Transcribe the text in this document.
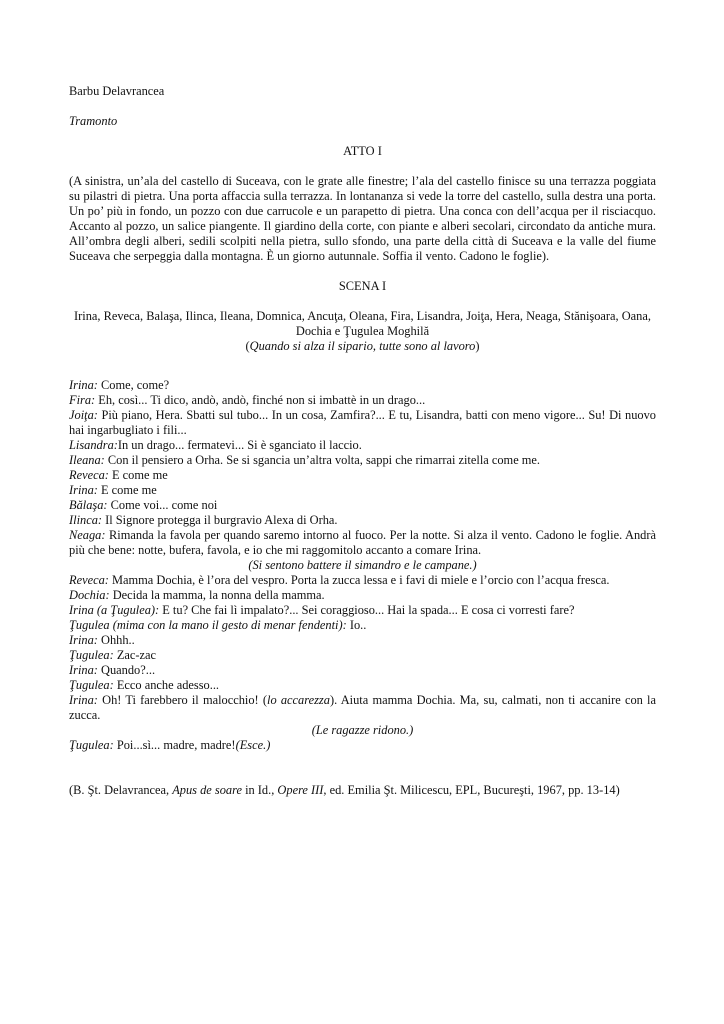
Barbu Delavrancea

Tramonto

ATTO I

(A sinistra, un’ala del castello di Suceava, con le grate alle finestre; l’ala del castello finisce su una terrazza poggiata su pilastri di pietra. Una porta affaccia sulla terrazza. In lontananza si vede la torre del castello, sulla destra una porta. Un po’ più in fondo, un pozzo con due carrucole e un parapetto di pietra. Una conca con dell’acqua per il risciacquo. Accanto al pozzo, un salice piangente. Il giardino della corte, con piante e alberi secolari, circondato da antiche mura. All’ombra degli alberi, sedili scolpiti nella pietra, sullo sfondo, una parte della città di Suceava e la valle del fiume Suceava che serpeggia dalla montagna. È un giorno autunnale. Soffia il vento. Cadono le foglie).

SCENA I

Irina, Reveca, Balaşa, Ilinca, Ileana, Domnica, Ancuţa, Oleana, Fira, Lisandra, Joiţa, Hera, Neaga, Stănişoara, Oana, Dochia e Ţugulea Moghilă

(Quando si alza il sipario, tutte sono al lavoro)

Irina: Come, come?

Fira: Eh, così... Ti dico, andò, andò, finché non si imbattè in un drago...

Joiţa: Più piano, Hera. Sbatti sul tubo... In un cosa, Zamfira?... E tu, Lisandra, batti con meno vigore... Su! Di nuovo hai ingarbugliato i fili...

Lisandra:In un drago... fermatevi... Si è sganciato il laccio.

Ileana: Con il pensiero a Orha. Se si sgancia un’altra volta, sappi che rimarrai zitella come me.

Reveca: E come me

Irina: E come me

Bălaşa: Come voi... come noi

Ilinca: Il Signore protegga il burgravio Alexa di Orha.

Neaga: Rimanda la favola per quando saremo intorno al fuoco. Per la notte. Si alza il vento. Cadono le foglie. Andrà più che bene: notte, bufera, favola, e io che mi raggomitolo accanto a comare Irina.

(Si sentono battere il simandro e le campane.)

Reveca: Mamma Dochia, è l’ora del vespro. Porta la zucca lessa e i favi di miele e l’orcio con l’acqua fresca.

Dochia: Decida la mamma, la nonna della mamma.

Irina (a Ţugulea): E tu? Che fai lì impalato?... Sei coraggioso... Hai la spada... E cosa ci vorresti fare?

Ţugulea (mima con la mano il gesto di menar fendenti): Io..

Irina: Ohhh..

Ţugulea: Zac-zac

Irina: Quando?...

Ţugulea: Ecco anche adesso...

Irina: Oh! Ti farebbero il malocchio! (lo accarezza). Aiuta mamma Dochia. Ma, su, calmati, non ti accanire con la zucca.

(Le ragazze ridono.)

Ţugulea: Poi...sì... madre, madre!(Esce.)

(B. Şt. Delavrancea, Apus de soare in Id., Opere III, ed. Emilia Şt. Milicescu, EPL, Bucureşti, 1967, pp. 13-14)
